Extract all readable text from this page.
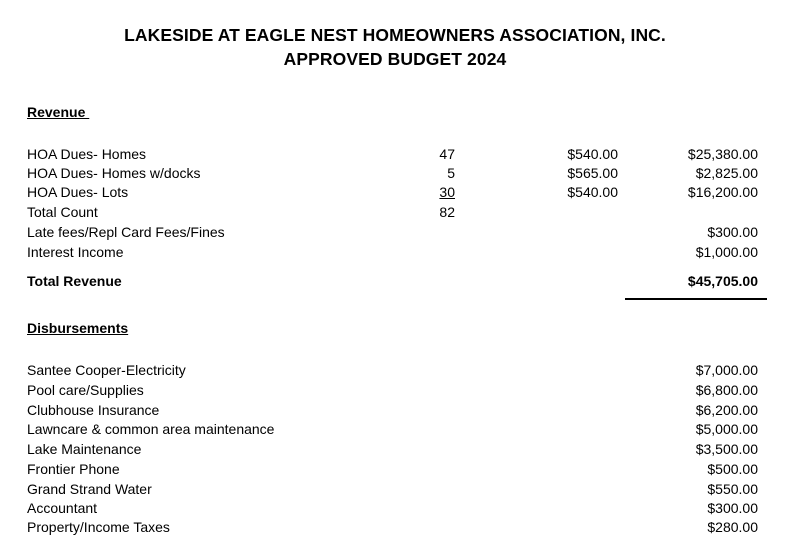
LAKESIDE AT EAGLE NEST HOMEOWNERS ASSOCIATION, INC.
APPROVED BUDGET 2024
Revenue
HOA Dues- Homes	47	$540.00	$25,380.00
HOA Dues- Homes w/docks	5	$565.00	$2,825.00
HOA Dues- Lots	30	$540.00	$16,200.00
Total Count	82
Late fees/Repl Card Fees/Fines	$300.00
Interest Income	$1,000.00
Total Revenue	$45,705.00
Disbursements
Santee Cooper-Electricity	$7,000.00
Pool care/Supplies	$6,800.00
Clubhouse Insurance	$6,200.00
Lawncare & common area maintenance	$5,000.00
Lake Maintenance	$3,500.00
Frontier Phone	$500.00
Grand Strand Water	$550.00
Accountant	$300.00
Property/Income Taxes	$280.00
